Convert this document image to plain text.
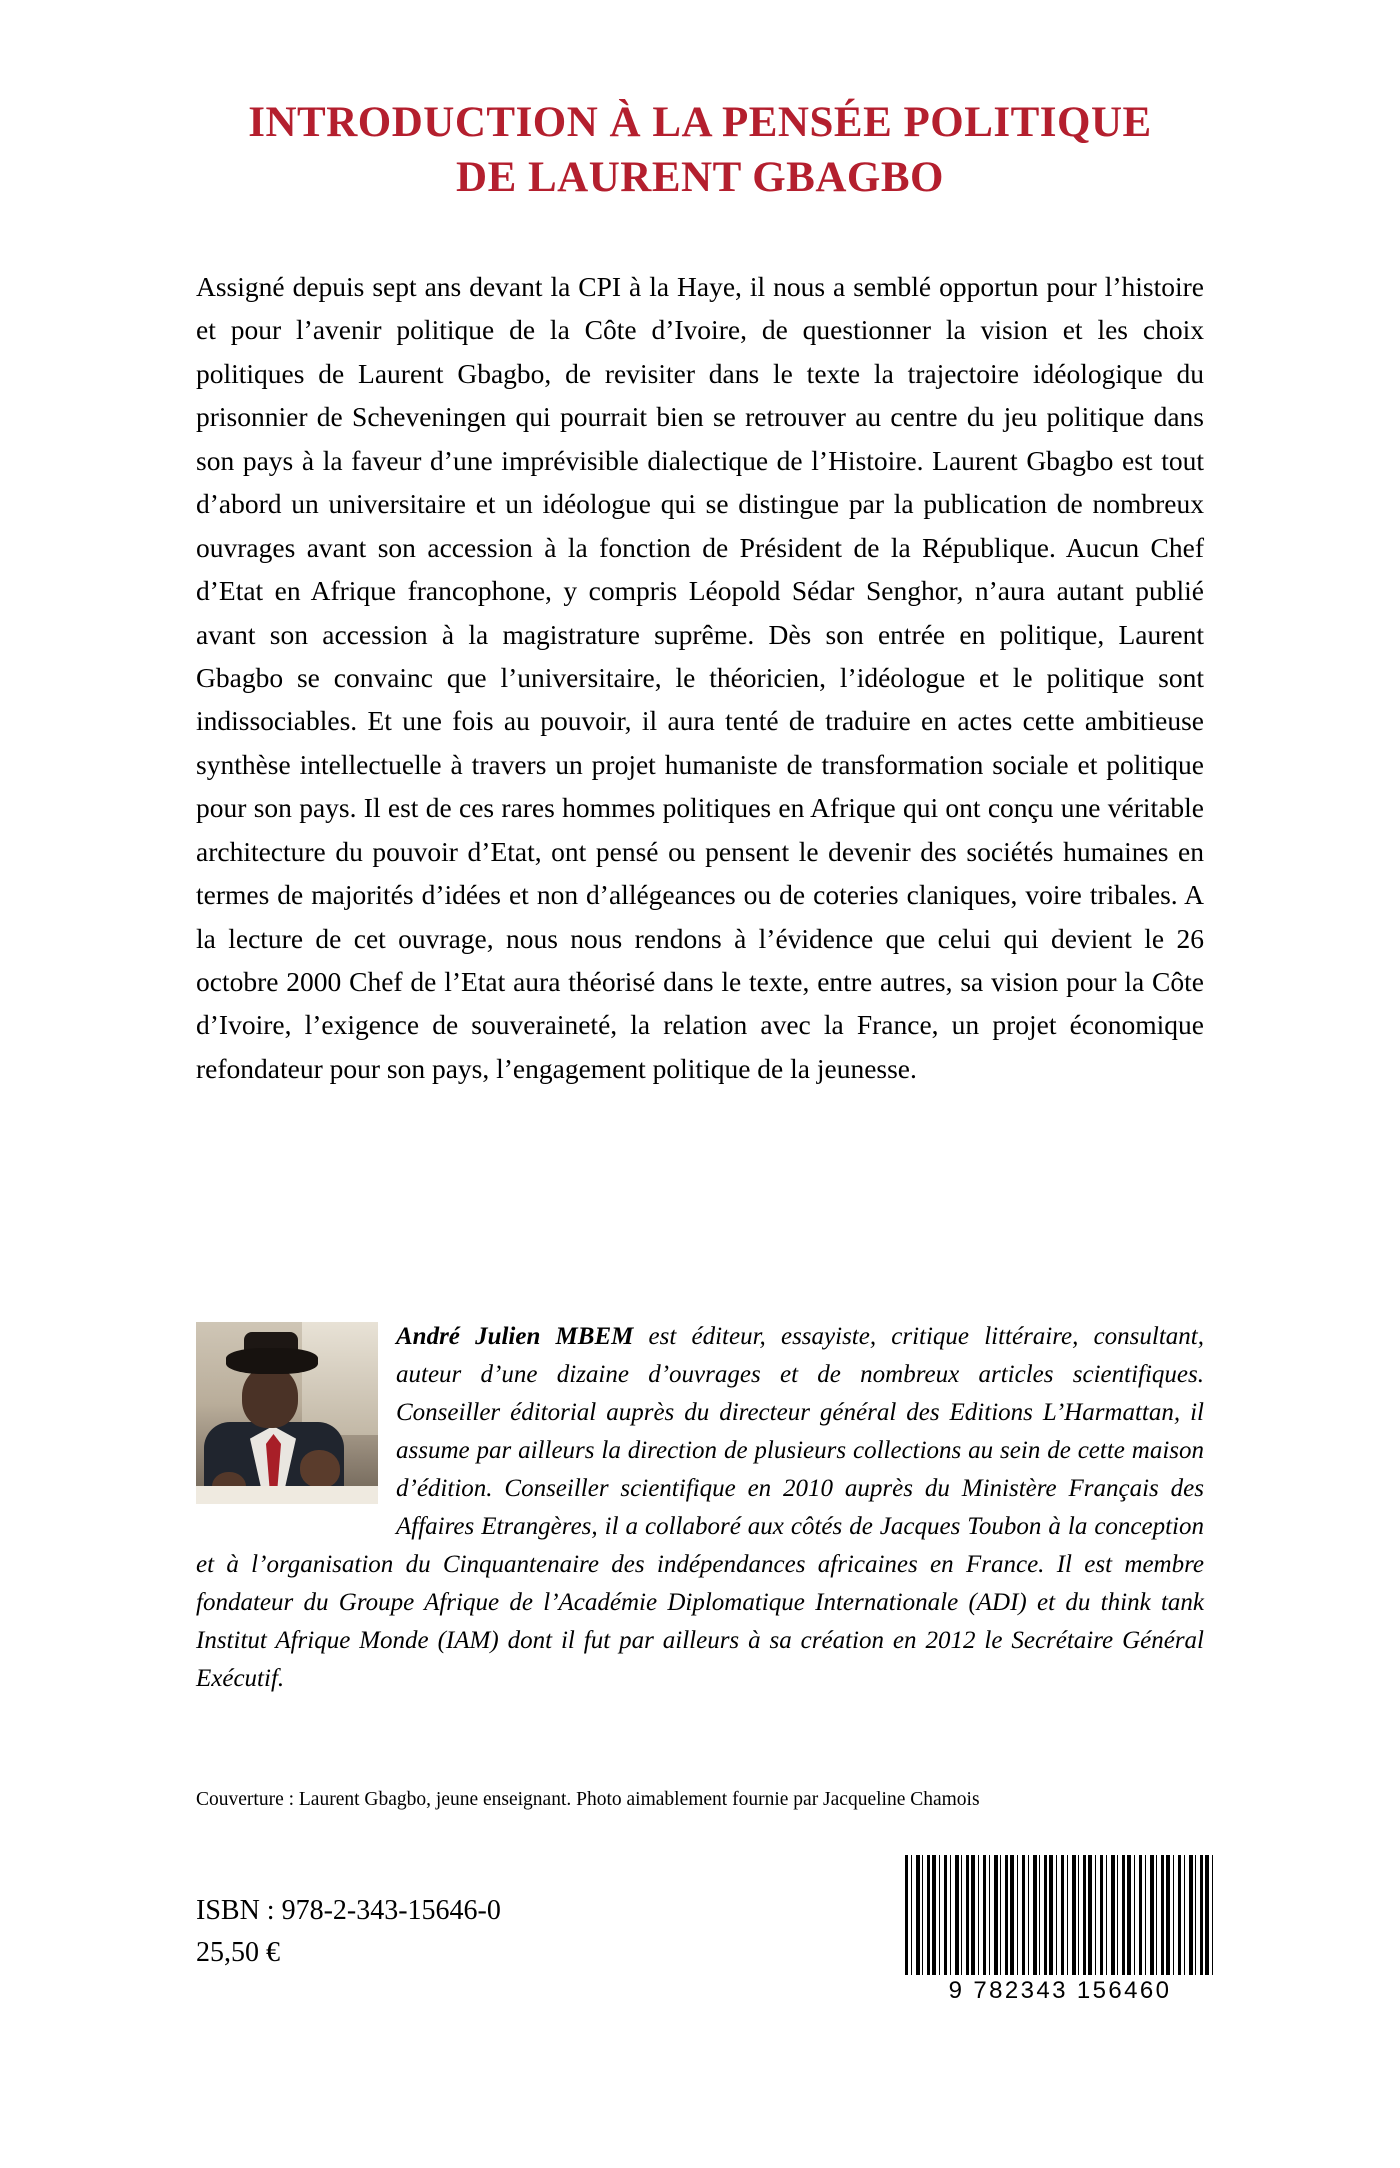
INTRODUCTION À LA PENSÉE POLITIQUE
DE LAURENT GBAGBO
Assigné depuis sept ans devant la CPI à la Haye, il nous a semblé opportun pour l’histoire et pour l’avenir politique de la Côte d’Ivoire, de questionner la vision et les choix politiques de Laurent Gbagbo, de revisiter dans le texte la trajectoire idéologique du prisonnier de Scheveningen qui pourrait bien se retrouver au centre du jeu politique dans son pays à la faveur d’une imprévisible dialectique de l’Histoire. Laurent Gbagbo est tout d’abord un universitaire et un idéologue qui se distingue par la publication de nombreux ouvrages avant son accession à la fonction de Président de la République. Aucun Chef d’Etat en Afrique francophone, y compris Léopold Sédar Senghor, n’aura autant publié avant son accession à la magistrature suprême. Dès son entrée en politique, Laurent Gbagbo se convainc que l’universitaire, le théoricien, l’idéologue et le politique sont indissociables. Et une fois au pouvoir, il aura tenté de traduire en actes cette ambitieuse synthèse intellectuelle à travers un projet humaniste de transformation sociale et politique pour son pays. Il est de ces rares hommes politiques en Afrique qui ont conçu une véritable architecture du pouvoir d’Etat, ont pensé ou pensent le devenir des sociétés humaines en termes de majorités d’idées et non d’allégeances ou de coteries claniques, voire tribales. A la lecture de cet ouvrage, nous nous rendons à l’évidence que celui qui devient le 26 octobre 2000 Chef de l’Etat aura théorisé dans le texte, entre autres, sa vision pour la Côte d’Ivoire, l’exigence de souveraineté, la relation avec la France, un projet économique refondateur pour son pays, l’engagement politique de la jeunesse.
André Julien MBEM est éditeur, essayiste, critique littéraire, consultant, auteur d’une dizaine d’ouvrages et de nombreux articles scientifiques. Conseiller éditorial auprès du directeur général des Editions L’Harmattan, il assume par ailleurs la direction de plusieurs collections au sein de cette maison d’édition. Conseiller scientifique en 2010 auprès du Ministère Français des Affaires Etrangères, il a collaboré aux côtés de Jacques Toubon à la conception et à l’organisation du Cinquantenaire des indépendances africaines en France. Il est membre fondateur du Groupe Afrique de l’Académie Diplomatique Internationale (ADI) et du think tank Institut Afrique Monde (IAM) dont il fut par ailleurs à sa création en 2012 le Secrétaire Général Exécutif.
Couverture : Laurent Gbagbo, jeune enseignant. Photo aimablement fournie par Jacqueline Chamois
ISBN : 978-2-343-15646-0
25,50 €
9 782343 156460
